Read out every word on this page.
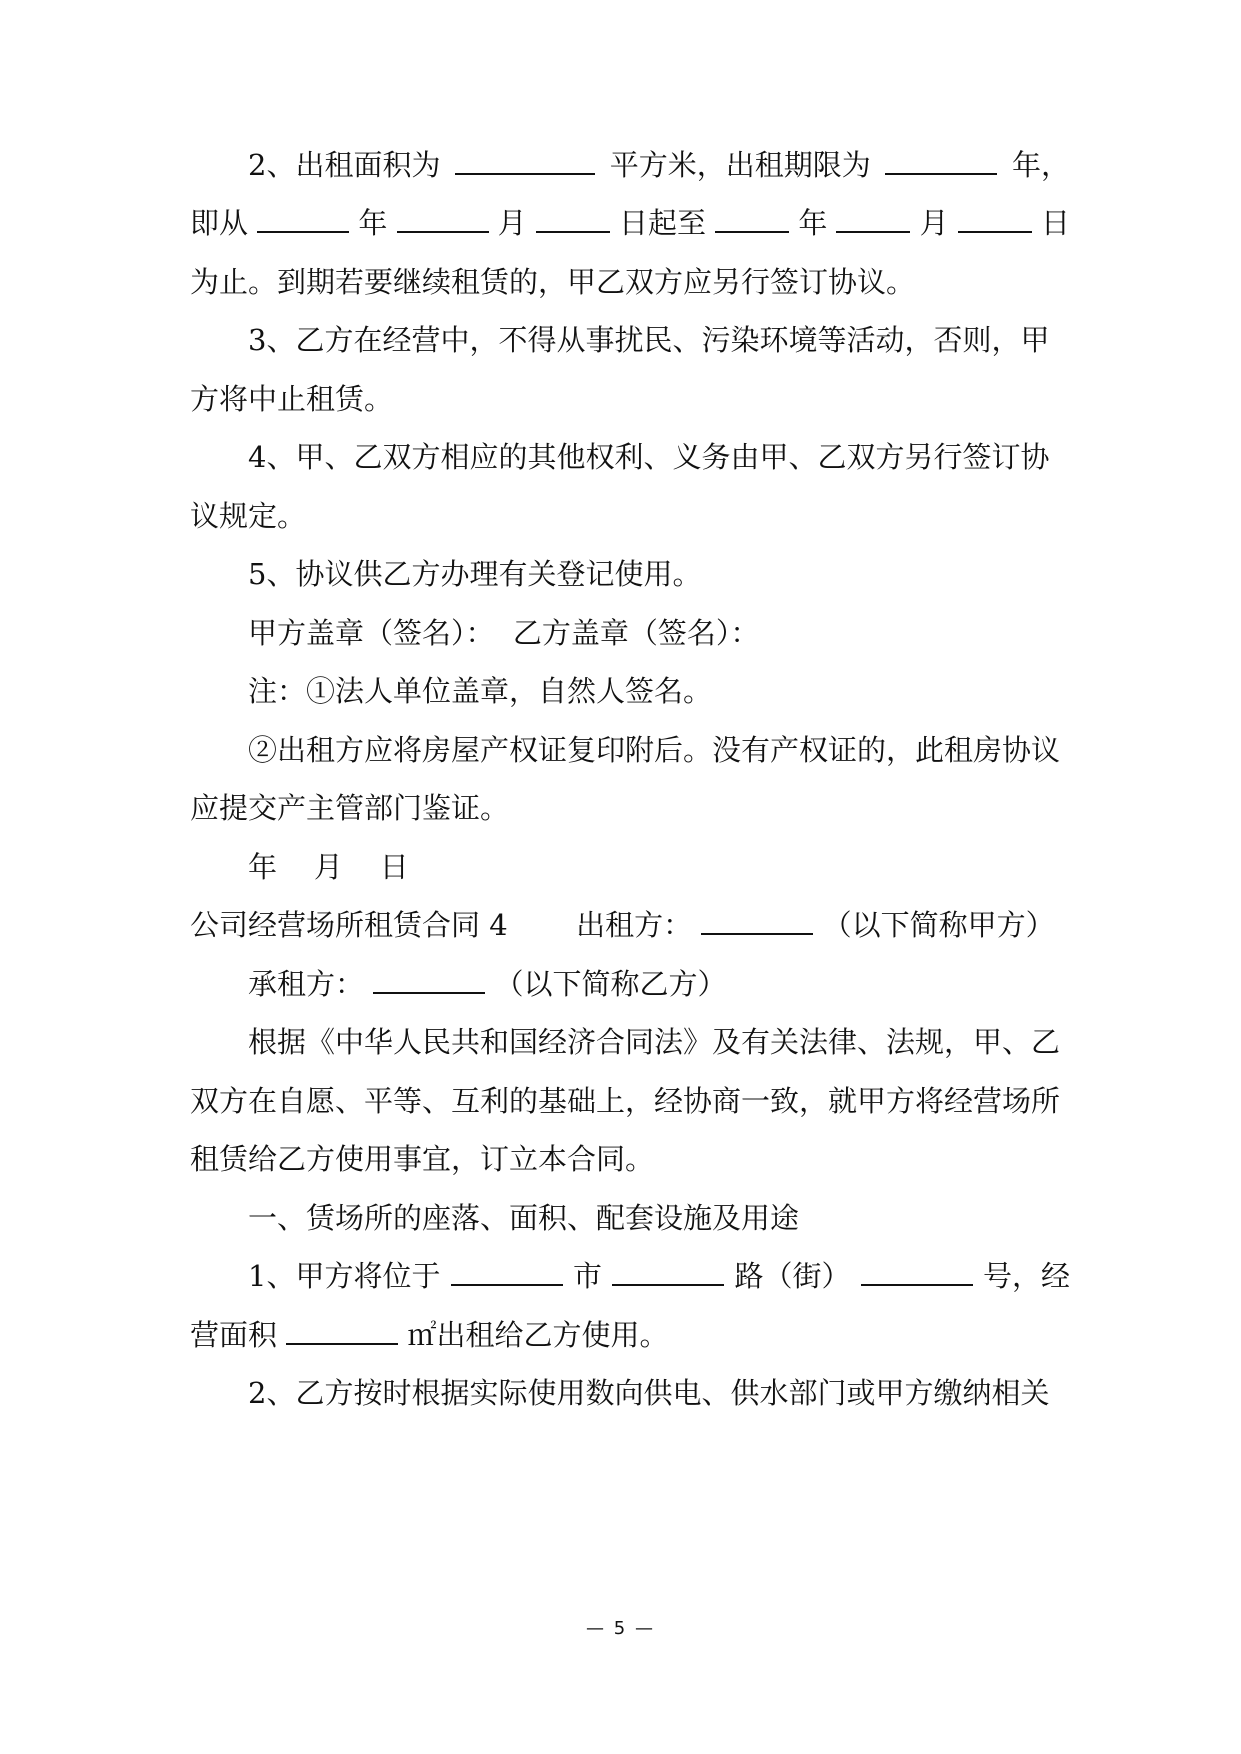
2、出租面积为	平方米，出租期限为	年，
即从	年	月	日起至	年	月	日
为止。到期若要继续租赁的，甲乙双方应另行签订协议。
3、乙方在经营中，不得从事扰民、污染环境等活动，否则，甲
方将中止租赁。
4、甲、乙双方相应的其他权利、义务由甲、乙双方另行签订协
议规定。
5、协议供乙方办理有关登记使用。
甲方盖章（签名）：  乙方盖章（签名）：
注：①法人单位盖章，自然人签名。
②出租方应将房屋产权证复印附后。没有产权证的，此租房协议
应提交产主管部门鉴证。
年    月    日
公司经营场所租赁合同 4 出租方：	（以下简称甲方）
承租方：	（以下简称乙方）
根据《中华人民共和国经济合同法》及有关法律、法规，甲、乙
双方在自愿、平等、互利的基础上，经协商一致，就甲方将经营场所
租赁给乙方使用事宜，订立本合同。
一、赁场所的座落、面积、配套设施及用途
1、甲方将位于	市	路（街）	号，经
营面积	㎡出租给乙方使用。
2、乙方按时根据实际使用数向供电、供水部门或甲方缴纳相关
— 5 —
